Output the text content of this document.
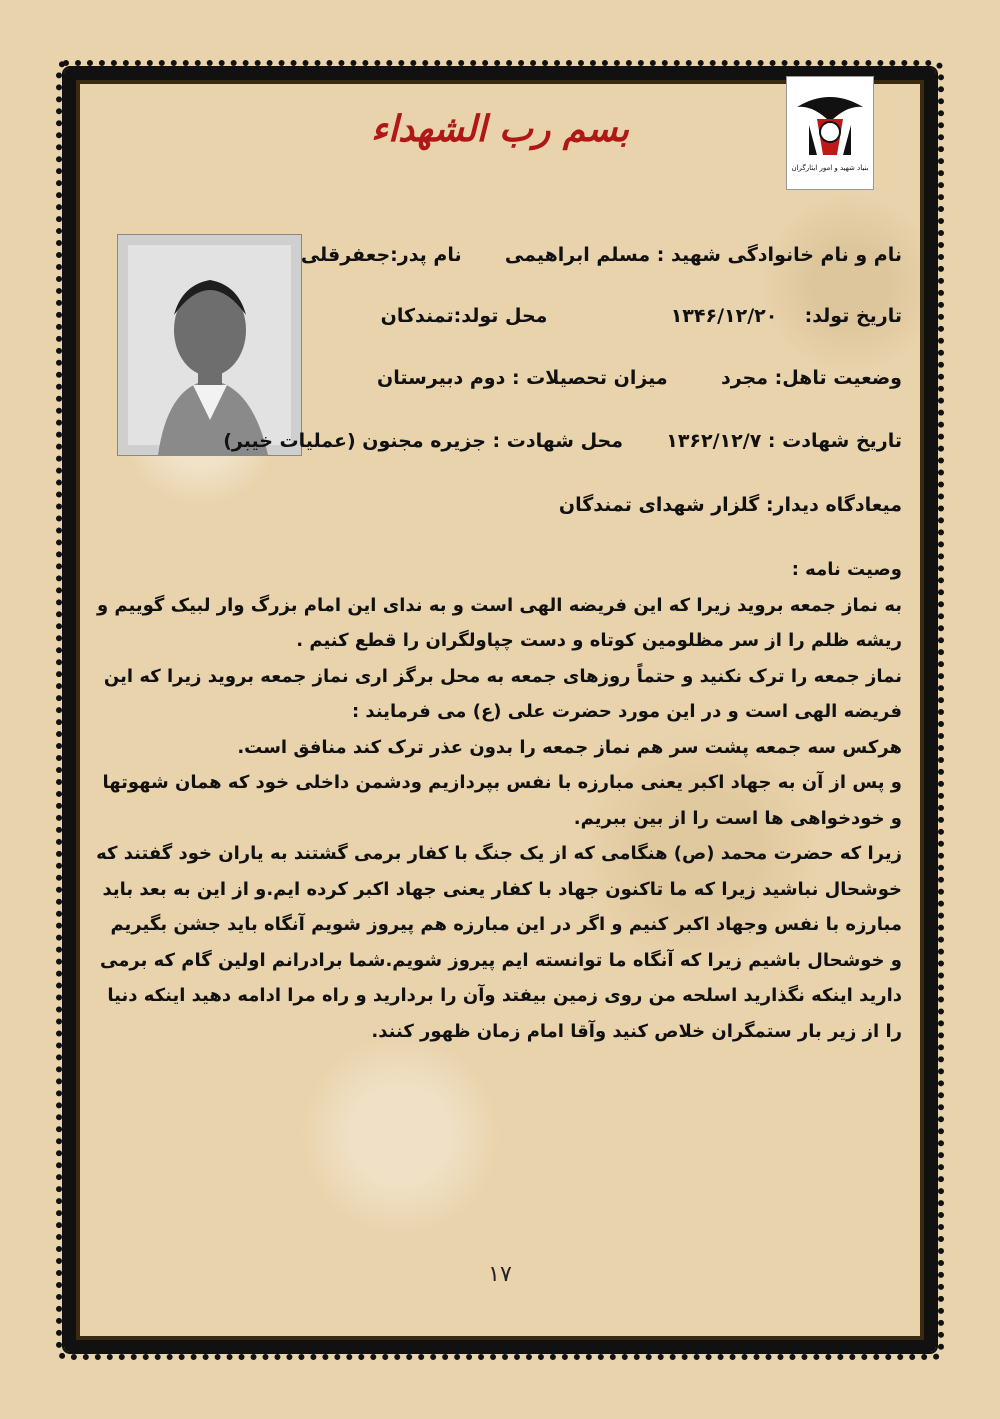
بسم رب الشهداء
بنیاد شهید و امور ایثارگران
نام و نام خانوادگی شهید : مسلم ابراهیمی  نام پدر:جعفرقلی
تاریخ تولد:  ۱۳۴۶/۱۲/۲۰  محل تولد:تمندکان
وضعیت تاهل: مجرد  میزان تحصیلات : دوم دبیرستان
تاریخ شهادت : ۱۳۶۲/۱۲/۷  محل شهادت : جزیره مجنون (عملیات خیبر)
میعادگاه دیدار: گلزار شهدای تمندگان

وصیت نامه :

به نماز جمعه بروید زیرا که این فریضه الهی است و به ندای این امام بزرگ وار لبیک گوییم و ریشه ظلم را از سر مظلومین کوتاه و دست چپاولگران را قطع کنیم .

نماز جمعه را ترک نکنید و حتماً روزهای جمعه به محل برگز اری نماز جمعه بروید زیرا که این فریضه الهی است و در این مورد حضرت علی (ع) می فرمایند :

هرکس سه جمعه پشت سر هم نماز جمعه را بدون عذر ترک کند منافق است.

و پس از آن به جهاد اکبر یعنی مبارزه با نفس بپردازیم ودشمن داخلی خود که همان شهوتها و خودخواهی ها است را از بین ببریم.

زیرا که حضرت محمد (ص) هنگامی که از یک جنگ با کفار برمی گشتند به یاران خود گفتند که خوشحال نباشید زیرا که ما تاکنون جهاد با کفار یعنی جهاد اکبر کرده ایم.و از این به بعد باید مبارزه با نفس وجهاد اکبر کنیم و اگر در این مبارزه هم پیروز شویم آنگاه باید جشن بگیریم و خوشحال باشیم زیرا که آنگاه ما توانسته ایم پیروز شویم.شما برادرانم اولین گام که برمی دارید اینکه نگذارید اسلحه من روی زمین بیفتد وآن را بردارید و راه مرا ادامه دهید اینکه دنیا را از زیر بار ستمگران خلاص کنید وآقا امام زمان ظهور کنند.

۱۷
